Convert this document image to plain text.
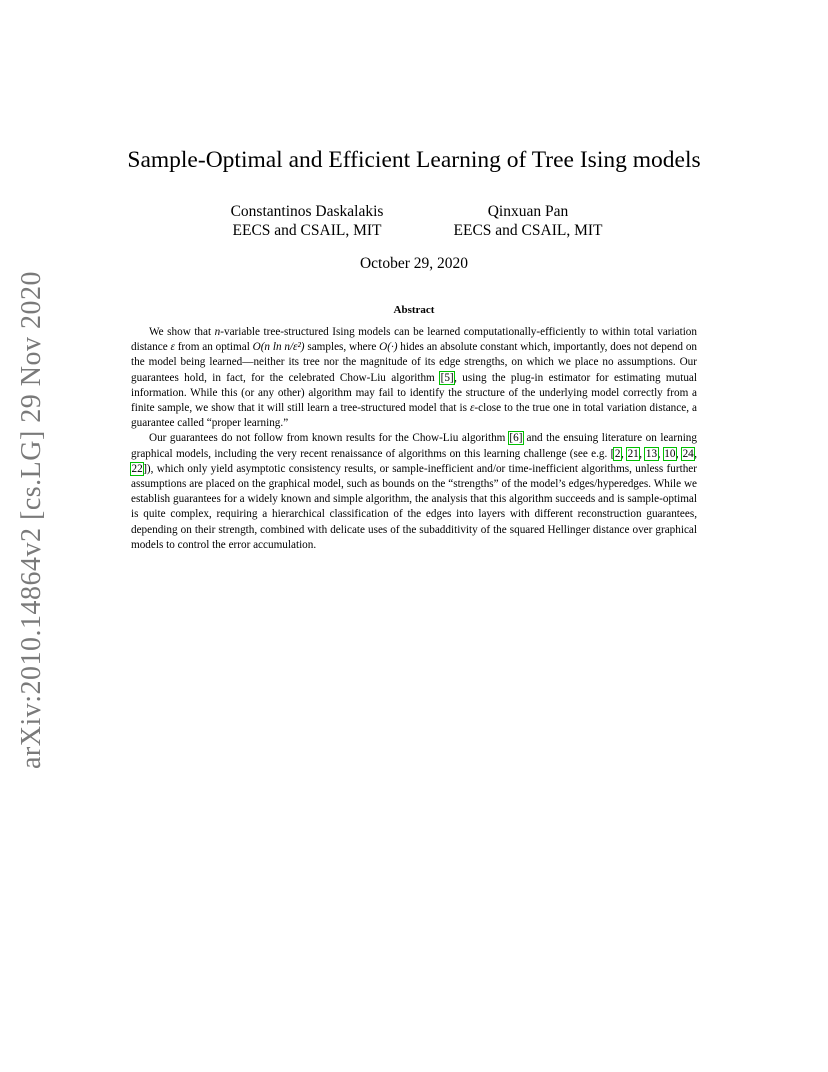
arXiv:2010.14864v2 [cs.LG] 29 Nov 2020
Sample-Optimal and Efficient Learning of Tree Ising models
Constantinos Daskalakis
EECS and CSAIL, MIT
Qinxuan Pan
EECS and CSAIL, MIT
October 29, 2020
Abstract

We show that n-variable tree-structured Ising models can be learned computationally-efficiently to within total variation distance ε from an optimal O(n ln n/ε²) samples, where O(·) hides an absolute constant which, importantly, does not depend on the model being learned—neither its tree nor the magnitude of its edge strengths, on which we place no assumptions. Our guarantees hold, in fact, for the celebrated Chow-Liu algorithm [5], using the plug-in estimator for estimating mutual information. While this (or any other) algorithm may fail to identify the structure of the underlying model correctly from a finite sample, we show that it will still learn a tree-structured model that is ε-close to the true one in total variation distance, a guarantee called “proper learning.”

Our guarantees do not follow from known results for the Chow-Liu algorithm [6] and the ensuing literature on learning graphical models, including the very recent renaissance of algorithms on this learning challenge (see e.g. [2, 21, 13, 10, 24, 22]), which only yield asymptotic consistency results, or sample-inefficient and/or time-inefficient algorithms, unless further assumptions are placed on the graphical model, such as bounds on the “strengths” of the model’s edges/hyperedges. While we establish guarantees for a widely known and simple algorithm, the analysis that this algorithm succeeds and is sample-optimal is quite complex, requiring a hierarchical classification of the edges into layers with different reconstruction guarantees, depending on their strength, combined with delicate uses of the subadditivity of the squared Hellinger distance over graphical models to control the error accumulation.
